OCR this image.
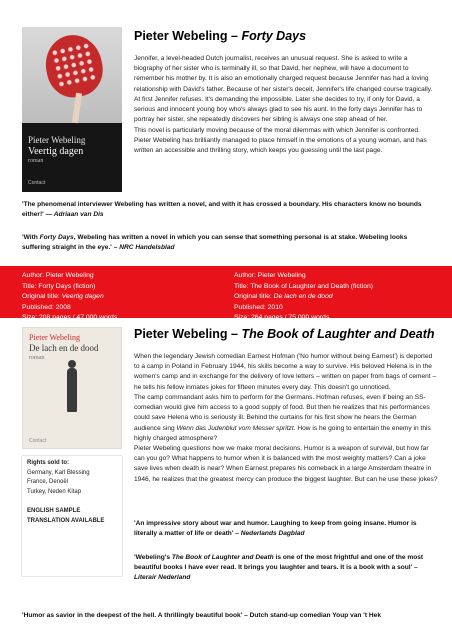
Pieter Webeling
Veertig dagen
roman
Contact
Pieter Webeling – Forty Days

Jennifer, a level-headed Dutch journalist, receives an unusual request. She is asked to write a biography of her sister who is terminally ill, so that David, her nephew, will have a document to remember his mother by. It is also an emotionally charged request because Jennifer has had a loving relationship with David's father. Because of her sister's deceit, Jennifer's life changed course tragically.

At first Jennifer refuses. It's demanding the impossible. Later she decides to try, if only for David, a serious and innocent young boy who's always glad to see his aunt. In the forty days Jennifer has to portray her sister, she repeatedly discovers her sibling is always one step ahead of her.

This novel is particularly moving because of the moral dilemmas with which Jennifer is confronted. Pieter Webeling has brilliantly managed to place himself in the emotions of a young woman, and has written an accessible and thrilling story, which keeps you guessing until the last page.

'The phenomenal interviewer Webeling has written a novel, and with it has crossed a boundary. His characters know no bounds either!' — Adriaan van Dis
'With Forty Days, Webeling has written a novel in which you can sense that something personal is at stake. Webeling looks suffering straight in the eye.' – NRC Handelsblad
Author: Pieter Webeling
Title: Forty Days (fiction)
Original title: Veertig dagen
Published: 2008
Size: 208 pages / 47.000 words
Author: Pieter Webeling
Title: The Book of Laughter and Death (fiction)
Original title: De lach en de dood
Published: 2010
Size: 264 pages / 75.000 words
Pieter Webeling
De lach en de dood
roman
Contact
Pieter Webeling – The Book of Laughter and Death

When the legendary Jewish comedian Earnest Hofman ('No humor without being Earnest') is deported to a camp in Poland in February 1944, his skills become a way to survive. His beloved Helena is in the women's camp and in exchange for the delivery of love letters – written on paper from bags of cement – he tells his fellow inmates jokes for fifteen minutes every day. This doesn't go unnoticed.

The camp commandant asks him to perform for the Germans. Hofman refuses, even if being an SS-comedian would give him access to a good supply of food. But then he realizes that his performances could save Helena who is seriously ill. Behind the curtains for his first show he hears the German audience sing Wenn das Judenblut vom Messer spritzt. How is he going to entertain the enemy in this highly charged atmosphere?

Pieter Webeling questions how we make moral decisions. Humor is a weapon of survival, but how far can you go? What happens to humor when it is balanced with the most weighty matters? Can a joke save lives when death is near? When Earnest prepares his comeback in a large Amsterdam theatre in 1946, he realizes that the greatest mercy can produce the biggest laughter. But can he use these jokes?

Rights sold to:
Germany, Karl Blessing
France, Denoël
Turkey, Neden Kitap
ENGLISH SAMPLE
TRANSLATION AVAILABLE	'An impressive story about war and humor. Laughing to keep from going insane. Humor is literally a matter of life or death' – Nederlands Dagblad
'Webeling's The Book of Laughter and Death is one of the most frightful and one of the most beautiful books I have ever read. It brings you laughter and tears. It is a book with a soul' – Literair Nederland
'Humor as savior in the deepest of the hell. A thrillingly beautiful book' – Dutch stand-up comedian Youp van 't Hek
